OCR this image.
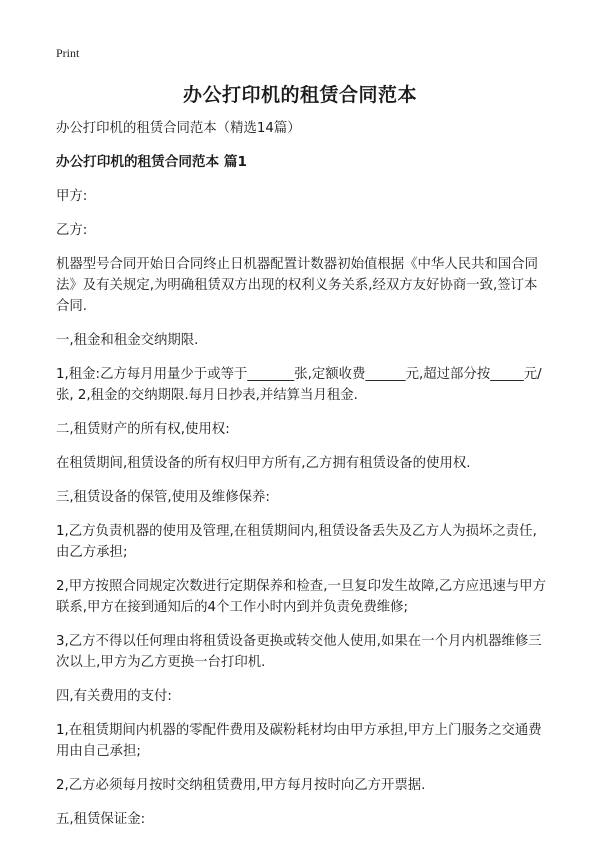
Print
办公打印机的租赁合同范本

办公打印机的租赁合同范本（精选14篇）

办公打印机的租赁合同范本 篇1

甲方:

乙方:

机器型号合同开始日合同终止日机器配置计数器初始值根据《中华人民共和国合同法》及有关规定,为明确租赁双方出现的权利义务关系,经双方友好协商一致,签订本合同.

一,租金和租金交纳期限.

1,租金:乙方每月用量少于或等于_______张,定额收费______元,超过部分按_____元/张, 2,租金的交纳期限.每月日抄表,并结算当月租金.

二,租赁财产的所有权,使用权:

在租赁期间,租赁设备的所有权归甲方所有,乙方拥有租赁设备的使用权.

三,租赁设备的保管,使用及维修保养:

1,乙方负责机器的使用及管理,在租赁期间内,租赁设备丢失及乙方人为损坏之责任,由乙方承担;

2,甲方按照合同规定次数进行定期保养和检查,一旦复印发生故障,乙方应迅速与甲方联系,甲方在接到通知后的4个工作小时内到并负责免费维修;

3,乙方不得以任何理由将租赁设备更换或转交他人使用,如果在一个月内机器维修三次以上,甲方为乙方更换一台打印机.

四,有关费用的支付:

1,在租赁期间内机器的零配件费用及碳粉耗材均由甲方承担,甲方上门服务之交通费用由自己承担;

2,乙方必须每月按时交纳租赁费用,甲方每月按时向乙方开票据.

五,租赁保证金:
